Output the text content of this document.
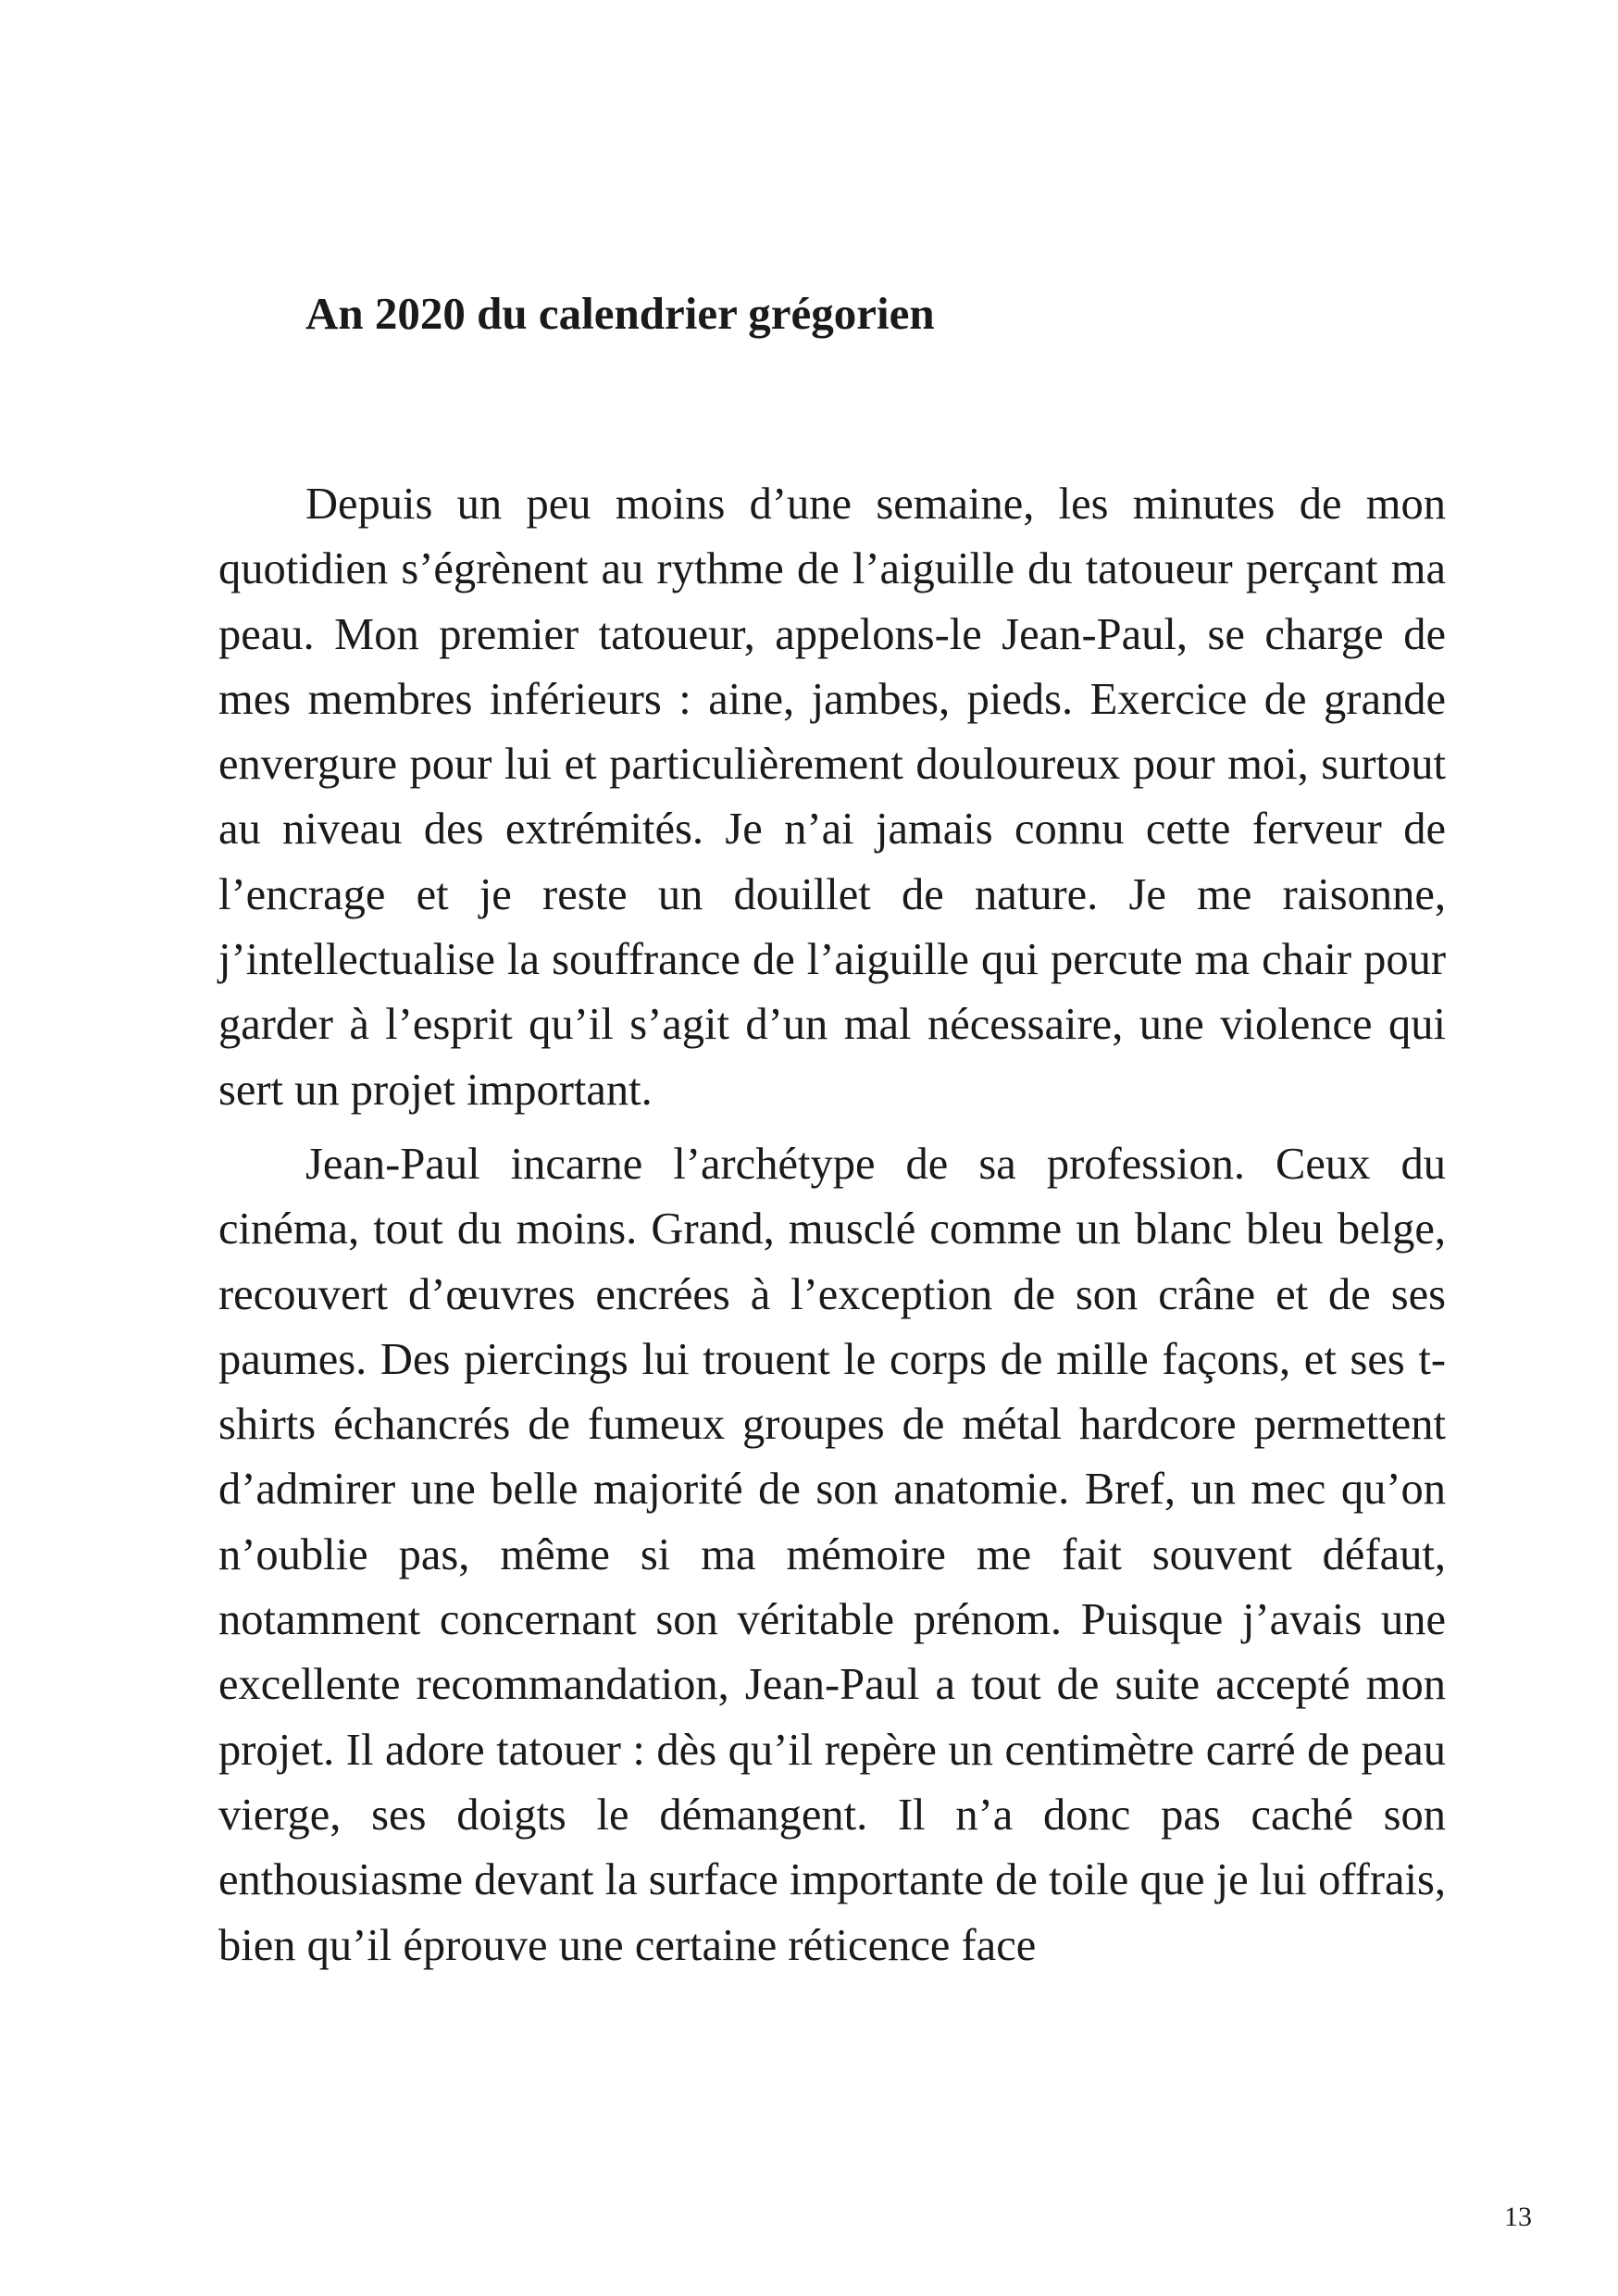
An 2020 du calendrier grégorien

Depuis un peu moins d’une semaine, les minutes de mon quotidien s’égrènent au rythme de l’aiguille du tatoueur perçant ma peau. Mon premier tatoueur, appelons-le Jean-Paul, se charge de mes membres inférieurs : aine, jambes, pieds. Exercice de grande envergure pour lui et particulièrement douloureux pour moi, surtout au niveau des extrémités. Je n’ai jamais connu cette ferveur de l’encrage et je reste un douillet de nature. Je me raisonne, j’intellectualise la souffrance de l’aiguille qui percute ma chair pour garder à l’esprit qu’il s’agit d’un mal nécessaire, une violence qui sert un projet important.

Jean-Paul incarne l’archétype de sa profession. Ceux du cinéma, tout du moins. Grand, musclé comme un blanc bleu belge, recouvert d’œuvres encrées à l’exception de son crâne et de ses paumes. Des piercings lui trouent le corps de mille façons, et ses t-shirts échancrés de fumeux groupes de métal hardcore permettent d’admirer une belle majorité de son anatomie. Bref, un mec qu’on n’oublie pas, même si ma mémoire me fait souvent défaut, notamment concernant son véritable prénom. Puisque j’avais une excellente recommandation, Jean-Paul a tout de suite accepté mon projet. Il adore tatouer : dès qu’il repère un centimètre carré de peau vierge, ses doigts le démangent. Il n’a donc pas caché son enthousiasme devant la surface importante de toile que je lui offrais, bien qu’il éprouve une certaine réticence face

13
